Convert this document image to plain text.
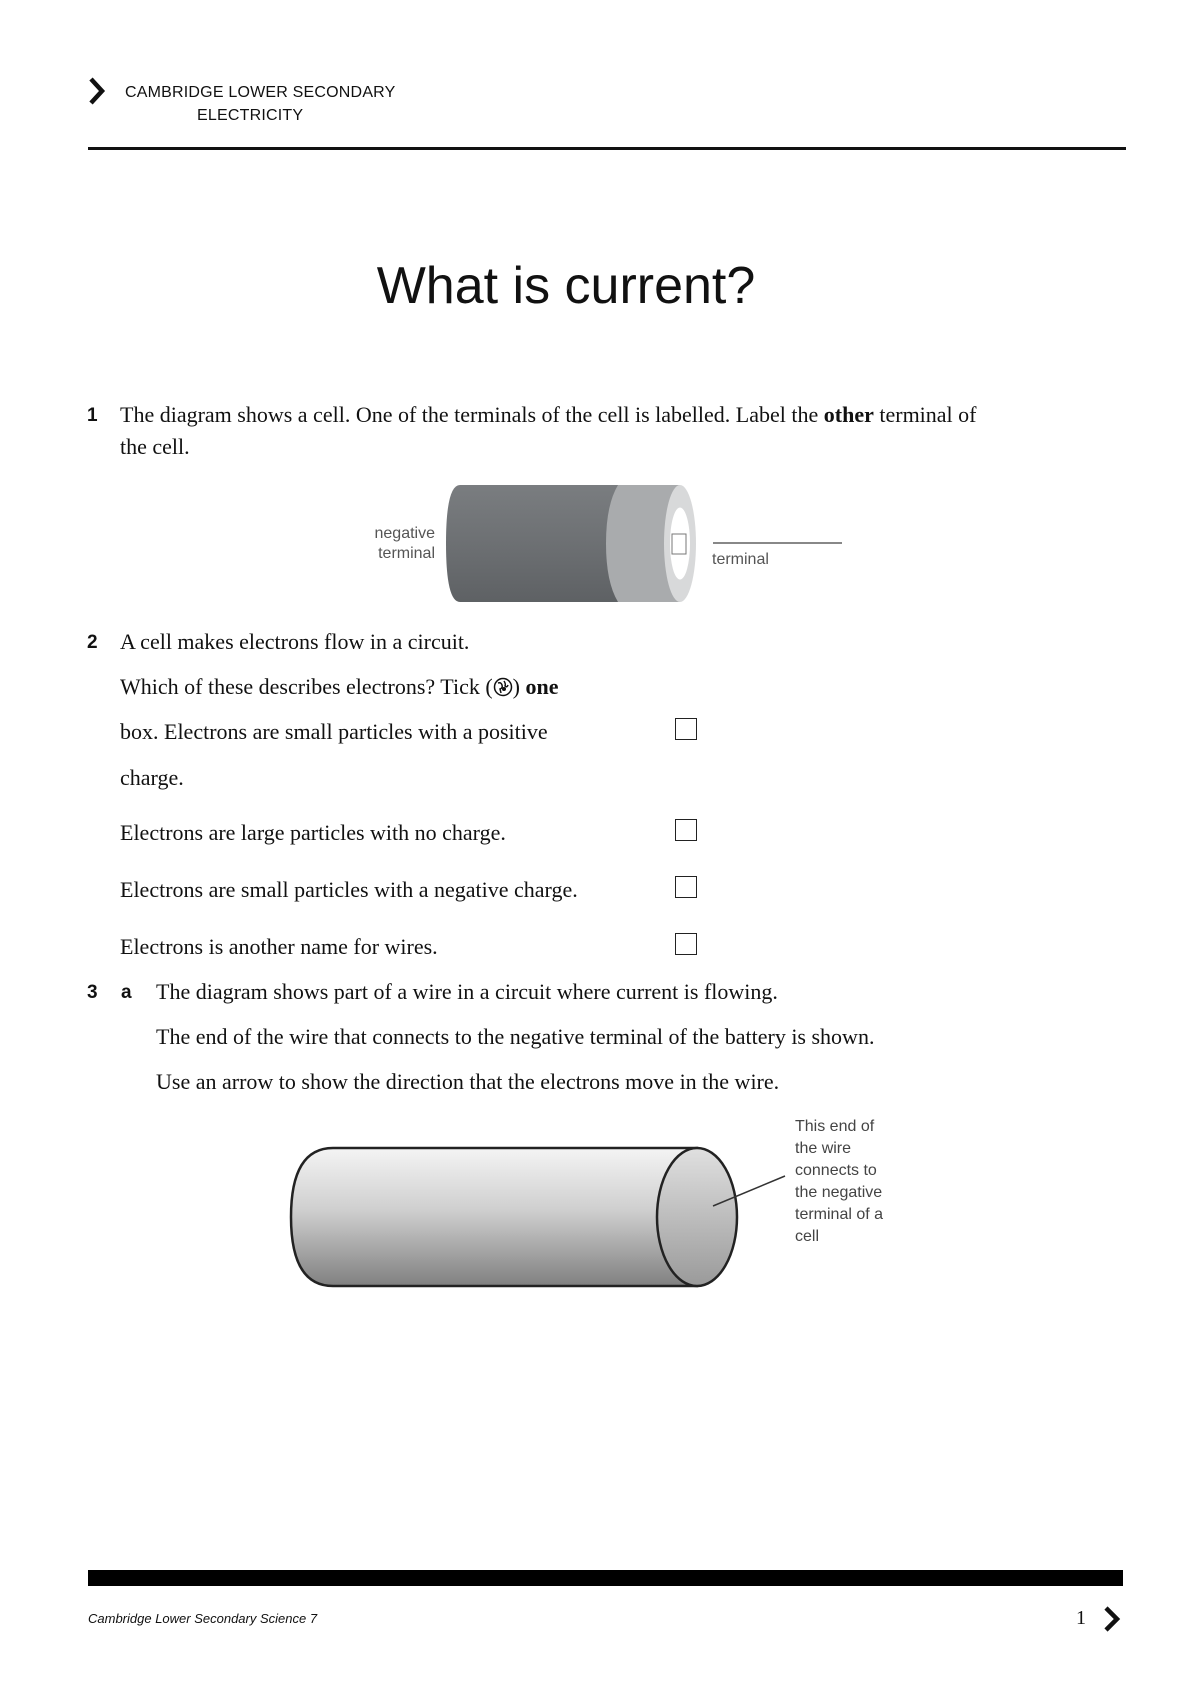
CAMBRIDGE LOWER SECONDARY
ELECTRICITY
What is current?
1 The diagram shows a cell. One of the terminals of the cell is labelled. Label the other terminal of
the cell.
negative
terminal	terminal
2 A cell makes electrons flow in a circuit.
Which of these describes electrons? Tick ( ) one
box. Electrons are small particles with a positive
charge.
Electrons are large particles with no charge.
Electrons are small particles with a negative charge.
Electrons is another name for wires.
3 a The diagram shows part of a wire in a circuit where current is flowing.
The end of the wire that connects to the negative terminal of the battery is shown.
Use an arrow to show the direction that the electrons move in the wire.
This end of
the wire
connects to
the negative
terminal of a
cell
Cambridge Lower Secondary Science 7	1
